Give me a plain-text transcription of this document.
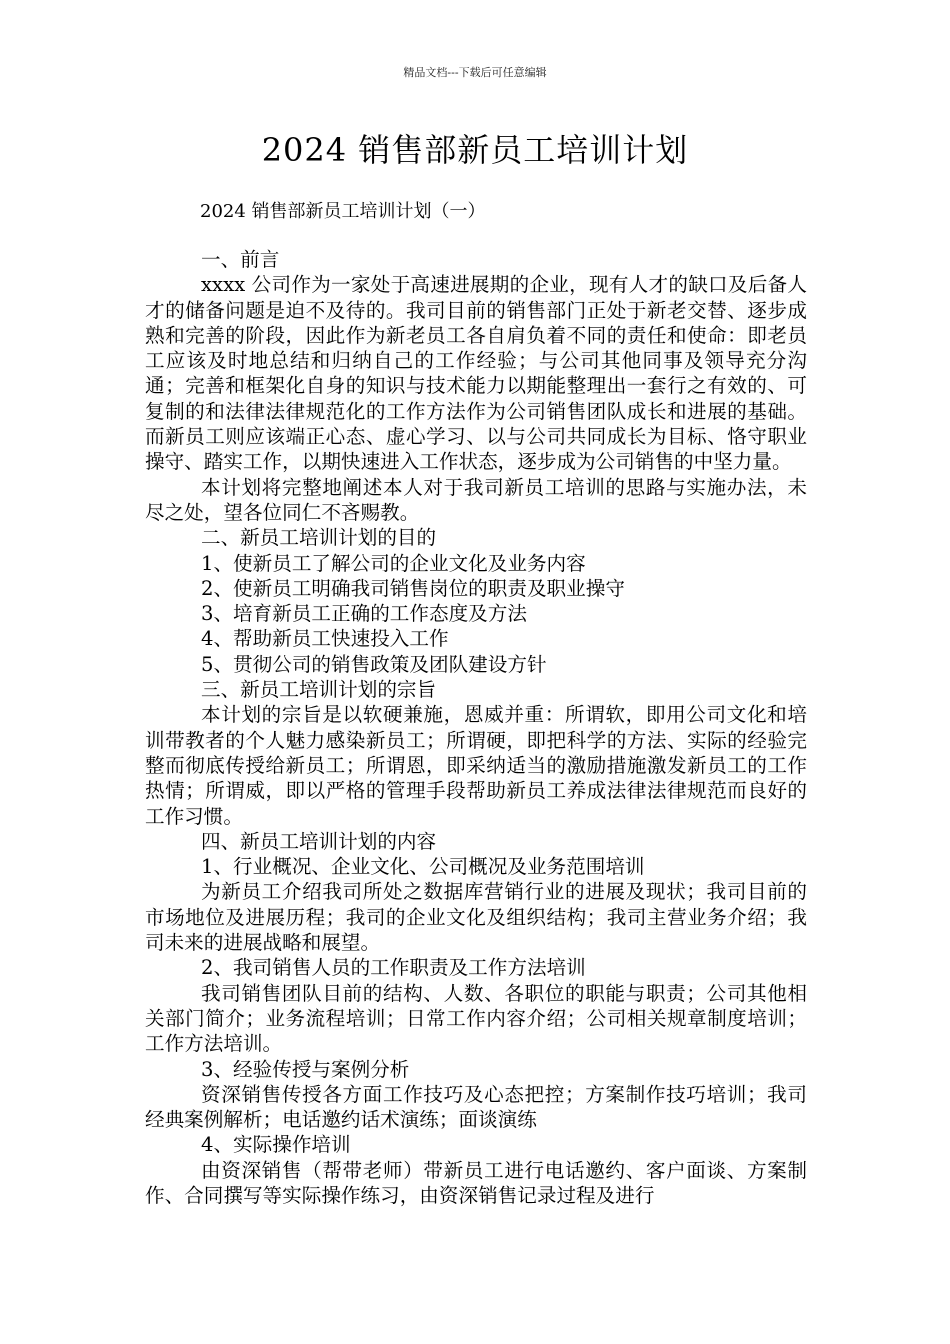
精品文档---下载后可任意编辑
2024 销售部新员工培训计划
2024 销售部新员工培训计划（一）

一、前言

xxxx 公司作为一家处于高速进展期的企业，现有人才的缺口及后备人才的储备问题是迫不及待的。我司目前的销售部门正处于新老交替、逐步成熟和完善的阶段，因此作为新老员工各自肩负着不同的责任和使命：即老员工应该及时地总结和归纳自己的工作经验；与公司其他同事及领导充分沟通；完善和框架化自身的知识与技术能力以期能整理出一套行之有效的、可复制的和法律法律规范化的工作方法作为公司销售团队成长和进展的基础。而新员工则应该端正心态、虚心学习、以与公司共同成长为目标、恪守职业操守、踏实工作，以期快速进入工作状态，逐步成为公司销售的中坚力量。

本计划将完整地阐述本人对于我司新员工培训的思路与实施办法，未尽之处，望各位同仁不吝赐教。

二、新员工培训计划的目的

1、使新员工了解公司的企业文化及业务内容

2、使新员工明确我司销售岗位的职责及职业操守

3、培育新员工正确的工作态度及方法

4、帮助新员工快速投入工作

5、贯彻公司的销售政策及团队建设方针

三、新员工培训计划的宗旨

本计划的宗旨是以软硬兼施，恩威并重：所谓软，即用公司文化和培训带教者的个人魅力感染新员工；所谓硬，即把科学的方法、实际的经验完整而彻底传授给新员工；所谓恩，即采纳适当的激励措施激发新员工的工作热情；所谓威，即以严格的管理手段帮助新员工养成法律法律规范而良好的工作习惯。

四、新员工培训计划的内容

1、行业概况、企业文化、公司概况及业务范围培训

为新员工介绍我司所处之数据库营销行业的进展及现状；我司目前的市场地位及进展历程；我司的企业文化及组织结构；我司主营业务介绍；我司未来的进展战略和展望。

2、我司销售人员的工作职责及工作方法培训

我司销售团队目前的结构、人数、各职位的职能与职责；公司其他相关部门简介；业务流程培训；日常工作内容介绍；公司相关规章制度培训；工作方法培训。

3、经验传授与案例分析

资深销售传授各方面工作技巧及心态把控；方案制作技巧培训；我司经典案例解析；电话邀约话术演练；面谈演练

4、实际操作培训

由资深销售（帮带老师）带新员工进行电话邀约、客户面谈、方案制作、合同撰写等实际操作练习，由资深销售记录过程及进行
